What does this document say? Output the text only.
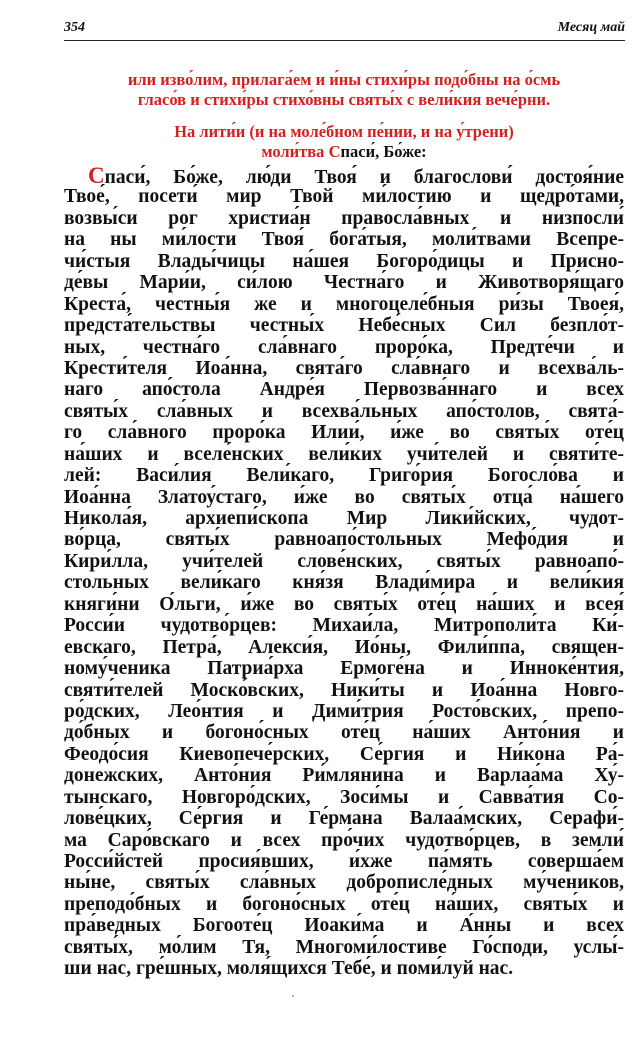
354	Месяц май
или изво́лим, прилага́ем и и́ны стихи́ры подо́бны на о́смь
гласо́в и стихи́ры стихо́вны святы́х с вели́кия вече́рни.
На лити́и (и на моле́бном пе́нии, и на у́трени)
моли́тва Спаси́, Бо́же:
Спаси́, Бо́же, лю́ди Твоя́ и благослови́ достоя́ние
Твое́, посети́ мир Твой ми́лостию и щедро́тами,
возвы́си рог христиа́н правосла́вных и низпосли́
на ны ми́лости Твоя́ бога́тыя, моли́твами Всепре-
чи́стыя Влады́чицы на́шея Богоро́дицы и Присно-
де́вы Мари́и, си́лою Честна́го и Животворя́щаго
Креста́, честны́я же и многоцеле́бныя ри́зы Твоея́,
предста́тельствы честны́х Небе́сных Сил безпло́т-
ных, честна́го сла́внаго проро́ка, Предте́чи и
Крести́теля Иоа́нна, свята́го сла́внаго и всехва́ль-
наго апо́стола Андре́я Первозва́ннаго и всех
святы́х сла́вных и всехва́льных апо́столов, свята́-
го сла́вного проро́ка Илии́, и́же во святы́х оте́ц
на́ших и вселе́нских вели́ких учи́телей и святи́те-
лей: Васи́лия Вели́каго, Григо́рия Богосло́ва и
Иоа́нна Златоу́стаго, и́же во святы́х отца́ на́шего
Никола́я, архиепи́скопа Мир Лики́йских, чудот-
во́рца, святы́х равноапо́стольных Мефо́дия и
Кири́лла, учи́телей слове́нских, святы́х равноапо́-
стольных вели́каго кня́зя Влади́мира и вели́кия
княги́ни О́льги, и́же во святы́х оте́ц на́ших и всея́
Росси́и чудотво́рцев: Михаи́ла, Митрополи́та Ки́-
евскаго, Петра́, Алекси́я, Ио́ны, Фили́ппа, священ-
ному́ченика Патриа́рха Ермоге́на и Инноке́нтия,
святи́телей Моско́вских, Ники́ты и Иоа́нна Новго-
ро́дских, Лео́нтия и Дими́трия Росто́вских, препо-
до́бных и богоно́сных оте́ц на́ших Анто́ния и
Феодо́сия Киевопече́рских, Се́ргия и Ни́кона Ра́-
донежских, Анто́ния Ри́млянина и Варлаа́ма Ху́-
тынскаго, Новгоро́дских, Зоси́мы и Савва́тия Со-
лове́цких, Се́ргия и Ге́рмана Валаа́мских, Серафи́-
ма Саро́вскаго и всех про́чих чудотво́рцев, в земли́
Росси́йстей просия́вших, и́хже па́мять соверша́ем
ны́не, святы́х сла́вных доброписле́дных му́чеников,
преподо́бных и богоно́сных оте́ц на́ших, святы́х и
пра́ведных Богооте́ц Иоаки́ма и А́нны и всех
святы́х, мо́лим Тя, Многоми́лостиве Го́споди, услы́-
ши нас, гре́шных, моля́щихся Тебе́, и поми́луй нас.
